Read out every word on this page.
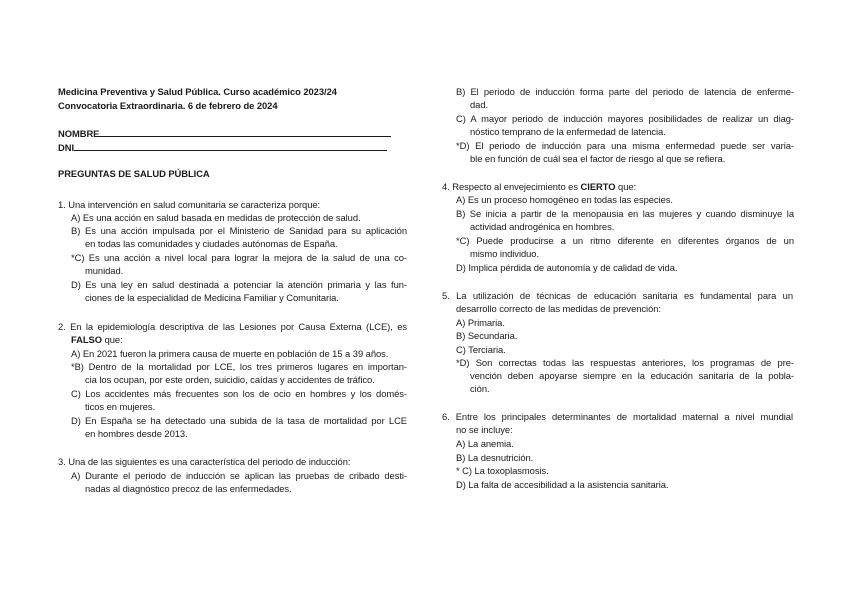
Medicina Preventiva y Salud Pública. Curso académico 2023/24
Convocatoria Extraordinaria. 6 de febrero de 2024
NOMBRE
DNI
PREGUNTAS DE SALUD PÚBLICA
1. Una intervención en salud comunitaria se caracteriza porque:
A) Es una acción en salud basada en medidas de protección de salud.
B) Es una acción impulsada por el Ministerio de Sanidad para su aplicación
en todas las comunidades y ciudades autónomas de España.
*C) Es una acción a nivel local para lograr la mejora de la salud de una co-
munidad.
D) Es una ley en salud destinada a potenciar la atención primaria y las fun-
ciones de la especialidad de Medicina Familiar y Comunitaria.
2. En la epidemiología descriptiva de las Lesiones por Causa Externa (LCE), es
FALSO que:
A) En 2021 fueron la primera causa de muerte en población de 15 a 39 años.
*B) Dentro de la mortalidad por LCE, los tres primeros lugares en importan-
cia los ocupan, por este orden, suicidio, caídas y accidentes de tráfico.
C) Los accidentes más frecuentes son los de ocio en hombres y los domés-
ticos en mujeres.
D) En España se ha detectado una subida de la tasa de mortalidad por LCE
en hombres desde 2013.
3. Una de las siguientes es una característica del periodo de inducción:
A) Durante el periodo de inducción se aplican las pruebas de cribado desti-
nadas al diagnóstico precoz de las enfermedades.
B) El periodo de inducción forma parte del periodo de latencia de enferme-
dad.
C) A mayor periodo de inducción mayores posibilidades de realizar un diag-
nóstico temprano de la enfermedad de latencia.
*D) El periodo de inducción para una misma enfermedad puede ser varia-
ble en función de cuál sea el factor de riesgo al que se refiera.
4. Respecto al envejecimiento es CIERTO que:
A) Es un proceso homogéneo en todas las especies.
B) Se inicia a partir de la menopausia en las mujeres y cuando disminuye la
actividad androgénica en hombres.
*C) Puede producirse a un ritmo diferente en diferentes órganos de un
mismo individuo.
D) Implica pérdida de autonomía y de calidad de vida.
5. La utilización de técnicas de educación sanitaria es fundamental para un
desarrollo correcto de las medidas de prevención:
A) Primaria.
B) Secundaria.
C) Terciaria.
*D) Son correctas todas las respuestas anteriores, los programas de pre-
vención deben apoyarse siempre en la educación sanitaria de la pobla-
ción.
6. Entre los principales determinantes de mortalidad maternal a nivel mundial
no se incluye:
A) La anemia.
B) La desnutrición.
* C) La toxoplasmosis.
D) La falta de accesibilidad a la asistencia sanitaria.
